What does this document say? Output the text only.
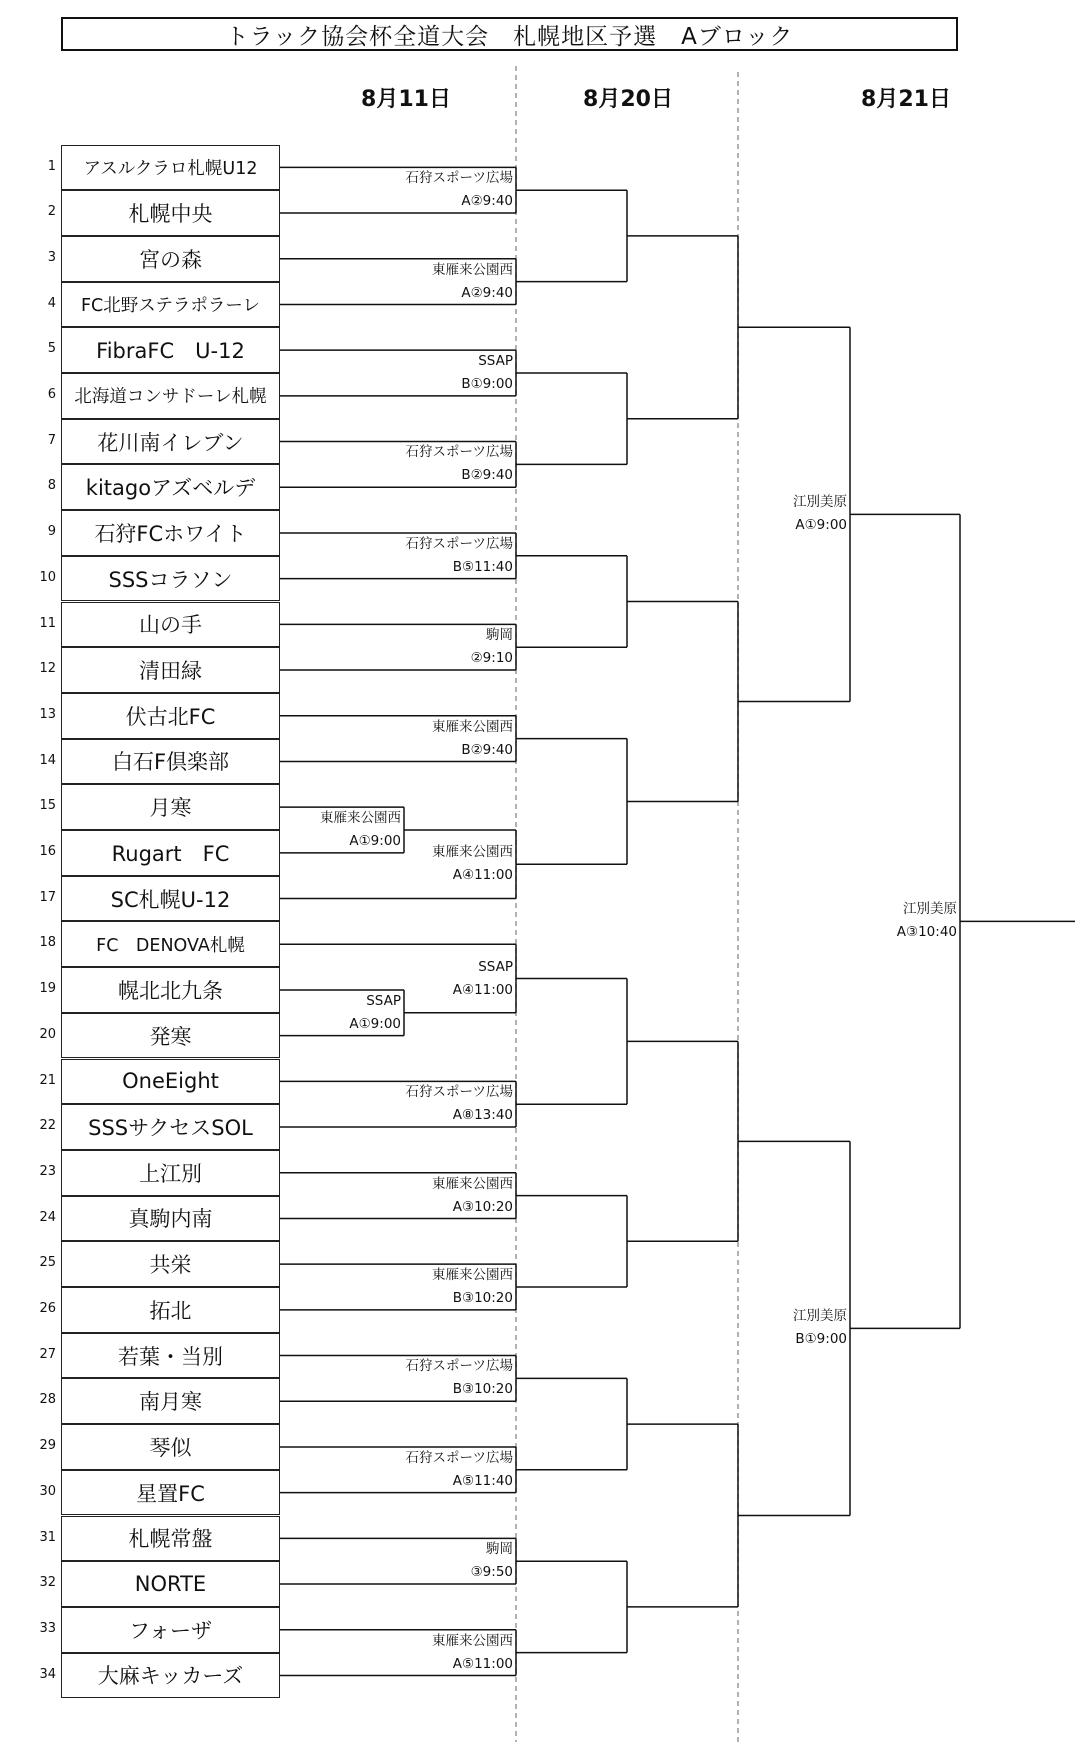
トラック協会杯全道大会　札幌地区予選　Aブロック
8月11日	8月20日	8月21日
アスルクラロ札幌U12
1
札幌中央
2
宮の森
3
FC北野ステラポラーレ
4
FibraFC　U-12
5
北海道コンサドーレ札幌
6
花川南イレブン
7
kitagoアズベルデ
8
石狩FCホワイト
9
SSSコラソン
10
山の手
11
清田緑
12
伏古北FC
13
白石F倶楽部
14
月寒
15
Rugart　FC
16
SC札幌U-12
17
FC　DENOVA札幌
18
幌北北九条
19
発寒
20
OneEight
21
SSSサクセスSOL
22
上江別
23
真駒内南
24
共栄
25
拓北
26
若葉・当別
27
南月寒
28
琴似
29
星置FC
30
札幌常盤
31
NORTE
32
フォーザ
33
大麻キッカーズ
34
東雁来公園西
A①9:00
SSAP
A①9:00
石狩スポーツ広場
A②9:40
東雁来公園西
A②9:40
SSAP
B①9:00
石狩スポーツ広場
B②9:40
石狩スポーツ広場
B⑤11:40
駒岡
②9:10
東雁来公園西
B②9:40
東雁来公園西
A④11:00
SSAP
A④11:00
石狩スポーツ広場
A⑧13:40
東雁来公園西
A③10:20
東雁来公園西
B③10:20
石狩スポーツ広場
B③10:20
石狩スポーツ広場
A⑤11:40
駒岡
③9:50
東雁来公園西
A⑤11:00
江別美原
A①9:00
江別美原
B①9:00
江別美原
A③10:40
